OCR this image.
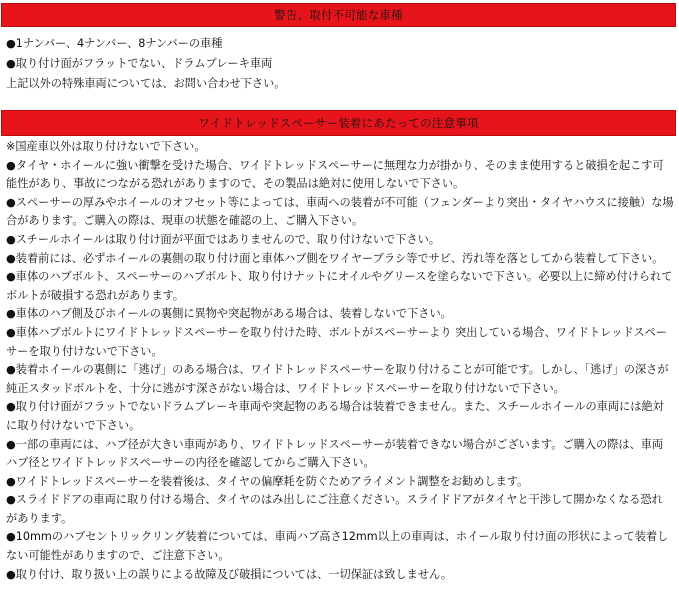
警告、取付不可能な車種
●1ナンバー、4ナンバー、8ナンバーの車種
●取り付け面がフラットでない、ドラムブレーキ車両
上記以外の特殊車両については、お問い合わせ下さい。
ワイドトレッドスペーサー装着にあたっての注意事項
※国産車以外は取り付けないで下さい。
●タイヤ・ホイールに強い衝撃を受けた場合、ワイドトレッドスペーサーに無理な力が掛かり、そのまま使用すると破損を起こす可能性があり、事故につながる恐れがありますので、その製品は絶対に使用しないで下さい。
●スペーサーの厚みやホイールのオフセット等によっては、車両への装着が不可能（フェンダーより突出・タイヤハウスに接触）な場合があります。ご購入の際は、現車の状態を確認の上、ご購入下さい。
●スチールホイールは取り付け面が平面ではありませんので、取り付けないで下さい。
●装着前には、必ずホイールの裏側の取り付け面と車体ハブ側をワイヤーブラシ等でサビ、汚れ等を落としてから装着して下さい。
●車体のハブボルト、スペーサーのハブボルト、取り付けナットにオイルやグリースを塗らないで下さい。必要以上に締め付けられてボルトが破損する恐れがあります。
●車体のハブ側及びホイールの裏側に異物や突起物がある場合は、装着しないで下さい。
●車体ハブボルトにワイドトレッドスペーサーを取り付けた時、ボルトがスペーサーより 突出している場合、ワイドトレッドスペーサーを取り付けないで下さい。
●装着ホイールの裏側に「逃げ」のある場合は、ワイドトレッドスペーサーを取り付けることが可能です。しかし、「逃げ」の深さが純正スタッドボルトを、十分に逃がす深さがない場合は、ワイドトレッドスペーサーを取り付けないで下さい。
●取り付け面がフラットでないドラムブレーキ車両や突起物のある場合は装着できません。また、スチールホイールの車両には絶対に取り付けないで下さい。
●一部の車両には、ハブ径が大きい車両があり、ワイドトレッドスペーサーが装着できない場合がございます。ご購入の際は、車両ハブ径とワイドトレッドスペーサーの内径を確認してからご購入下さい。
●ワイドトレッドスペーサーを装着後は、タイヤの偏摩耗を防ぐためアライメント調整をお勧めします。
●スライドドアの車両に取り付ける場合、タイヤのはみ出しにご注意ください。スライドドアがタイヤと干渉して開かなくなる恐れがあります。
●10mmのハブセントリックリング装着については、車両ハブ高さ12mm以上の車両は、ホイール取り付け面の形状によって装着しない可能性がありますので、ご注意下さい。
●取り付け、取り扱い上の誤りによる故障及び破損については、一切保証は致しません。
